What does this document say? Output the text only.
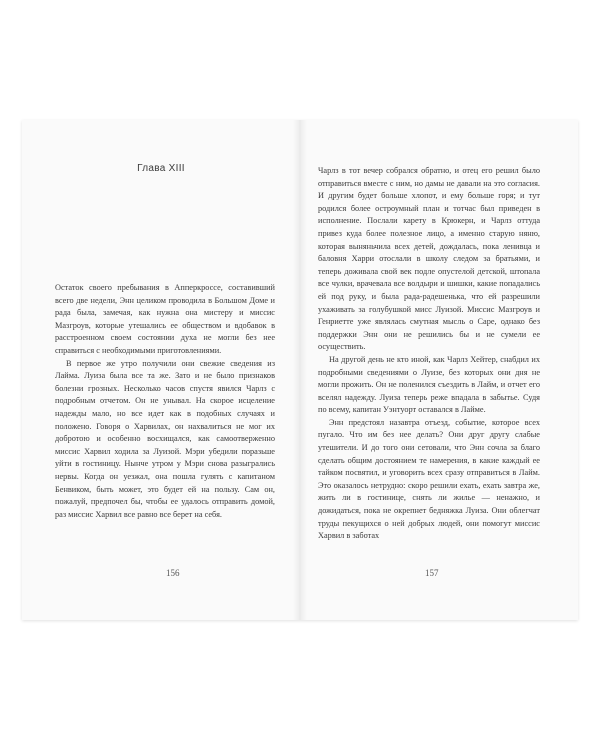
Глава XIII

Остаток своего пребывания в Апперкроссе, составивший всего две недели, Энн целиком проводила в Большом Доме и рада была, замечая, как нужна она мистеру и миссис Мазгроув, которые утешались ее обществом и вдобавок в расстроенном своем состоянии духа не могли без нее справиться с необходимыми приготовлениями.

В первое же утро получили они свежие сведения из Лайма. Луиза была все та же. Зато и не было признаков болезни грозных. Несколько часов спустя явился Чарлз с подробным отчетом. Он не унывал. На скорое исцеление надежды мало, но все идет как в подобных случаях и положено. Говоря о Харвилах, он нахвалиться не мог их добротою и особенно восхищался, как самоотверженно миссис Харвил ходила за Луизой. Мэри убедили поразьше уйти в гостиницу. Нынче утром у Мэри снова разыгрались нервы. Когда он уезжал, она пошла гулять с капитаном Бенвиком, быть может, это будет ей на пользу. Сам он, пожалуй, предпочел бы, чтобы ее удалось отправить домой, раз миссис Харвил все равно все берет на себя.

156

Чарлз в тот вечер собрался обратно, и отец его решил было отправиться вместе с ним, но дамы не давали на это согласия. И другим будет больше хлопот, и ему больше горя; и тут родился более остроумный план и тотчас был приведен в исполнение. Послали карету в Крюкерн, и Чарлз оттуда привез куда более полезное лицо, а именно старую няню, которая выняньчила всех детей, дождалась, пока ленивца и баловня Харри отослали в школу следом за братьями, и теперь доживала свой век подле опустелой детской, штопала все чулки, врачевала все волдыри и шишки, какие попадались ей под руку, и была рада-радешенька, что ей разрешили ухаживать за голубушкой мисс Луизой. Миссис Мазгроув и Генриетте уже являлась смутная мысль о Саре, однако без поддержки Энн они не решились бы и не сумели ее осуществить.

На другой день не кто иной, как Чарлз Хейтер, снабдил их подробными сведениями о Луизе, без которых они дня не могли прожить. Он не поленился съездить в Лайм, и отчет его вселял надежду. Луиза теперь реже впадала в забытье. Судя по всему, капитан Уэнтуорт оставался в Лайме.

Энн предстоял назавтра отъезд, событие, которое всех пугало. Что им без нее делать? Они друг другу слабые утешители. И до того они сетовали, что Энн сочла за благо сделать общим достоянием те намерения, в какие каждый ее тайком посвятил, и уговорить всех сразу отправиться в Лайм. Это оказалось нетрудно: скоро решили ехать, ехать завтра же, жить ли в гостинице, снять ли жилье — ненажно, и дожидаться, пока не окрепнет бедняжка Луиза. Они облегчат труды пекущихся о ней добрых людей, они помогут миссис Харвил в заботах

157
